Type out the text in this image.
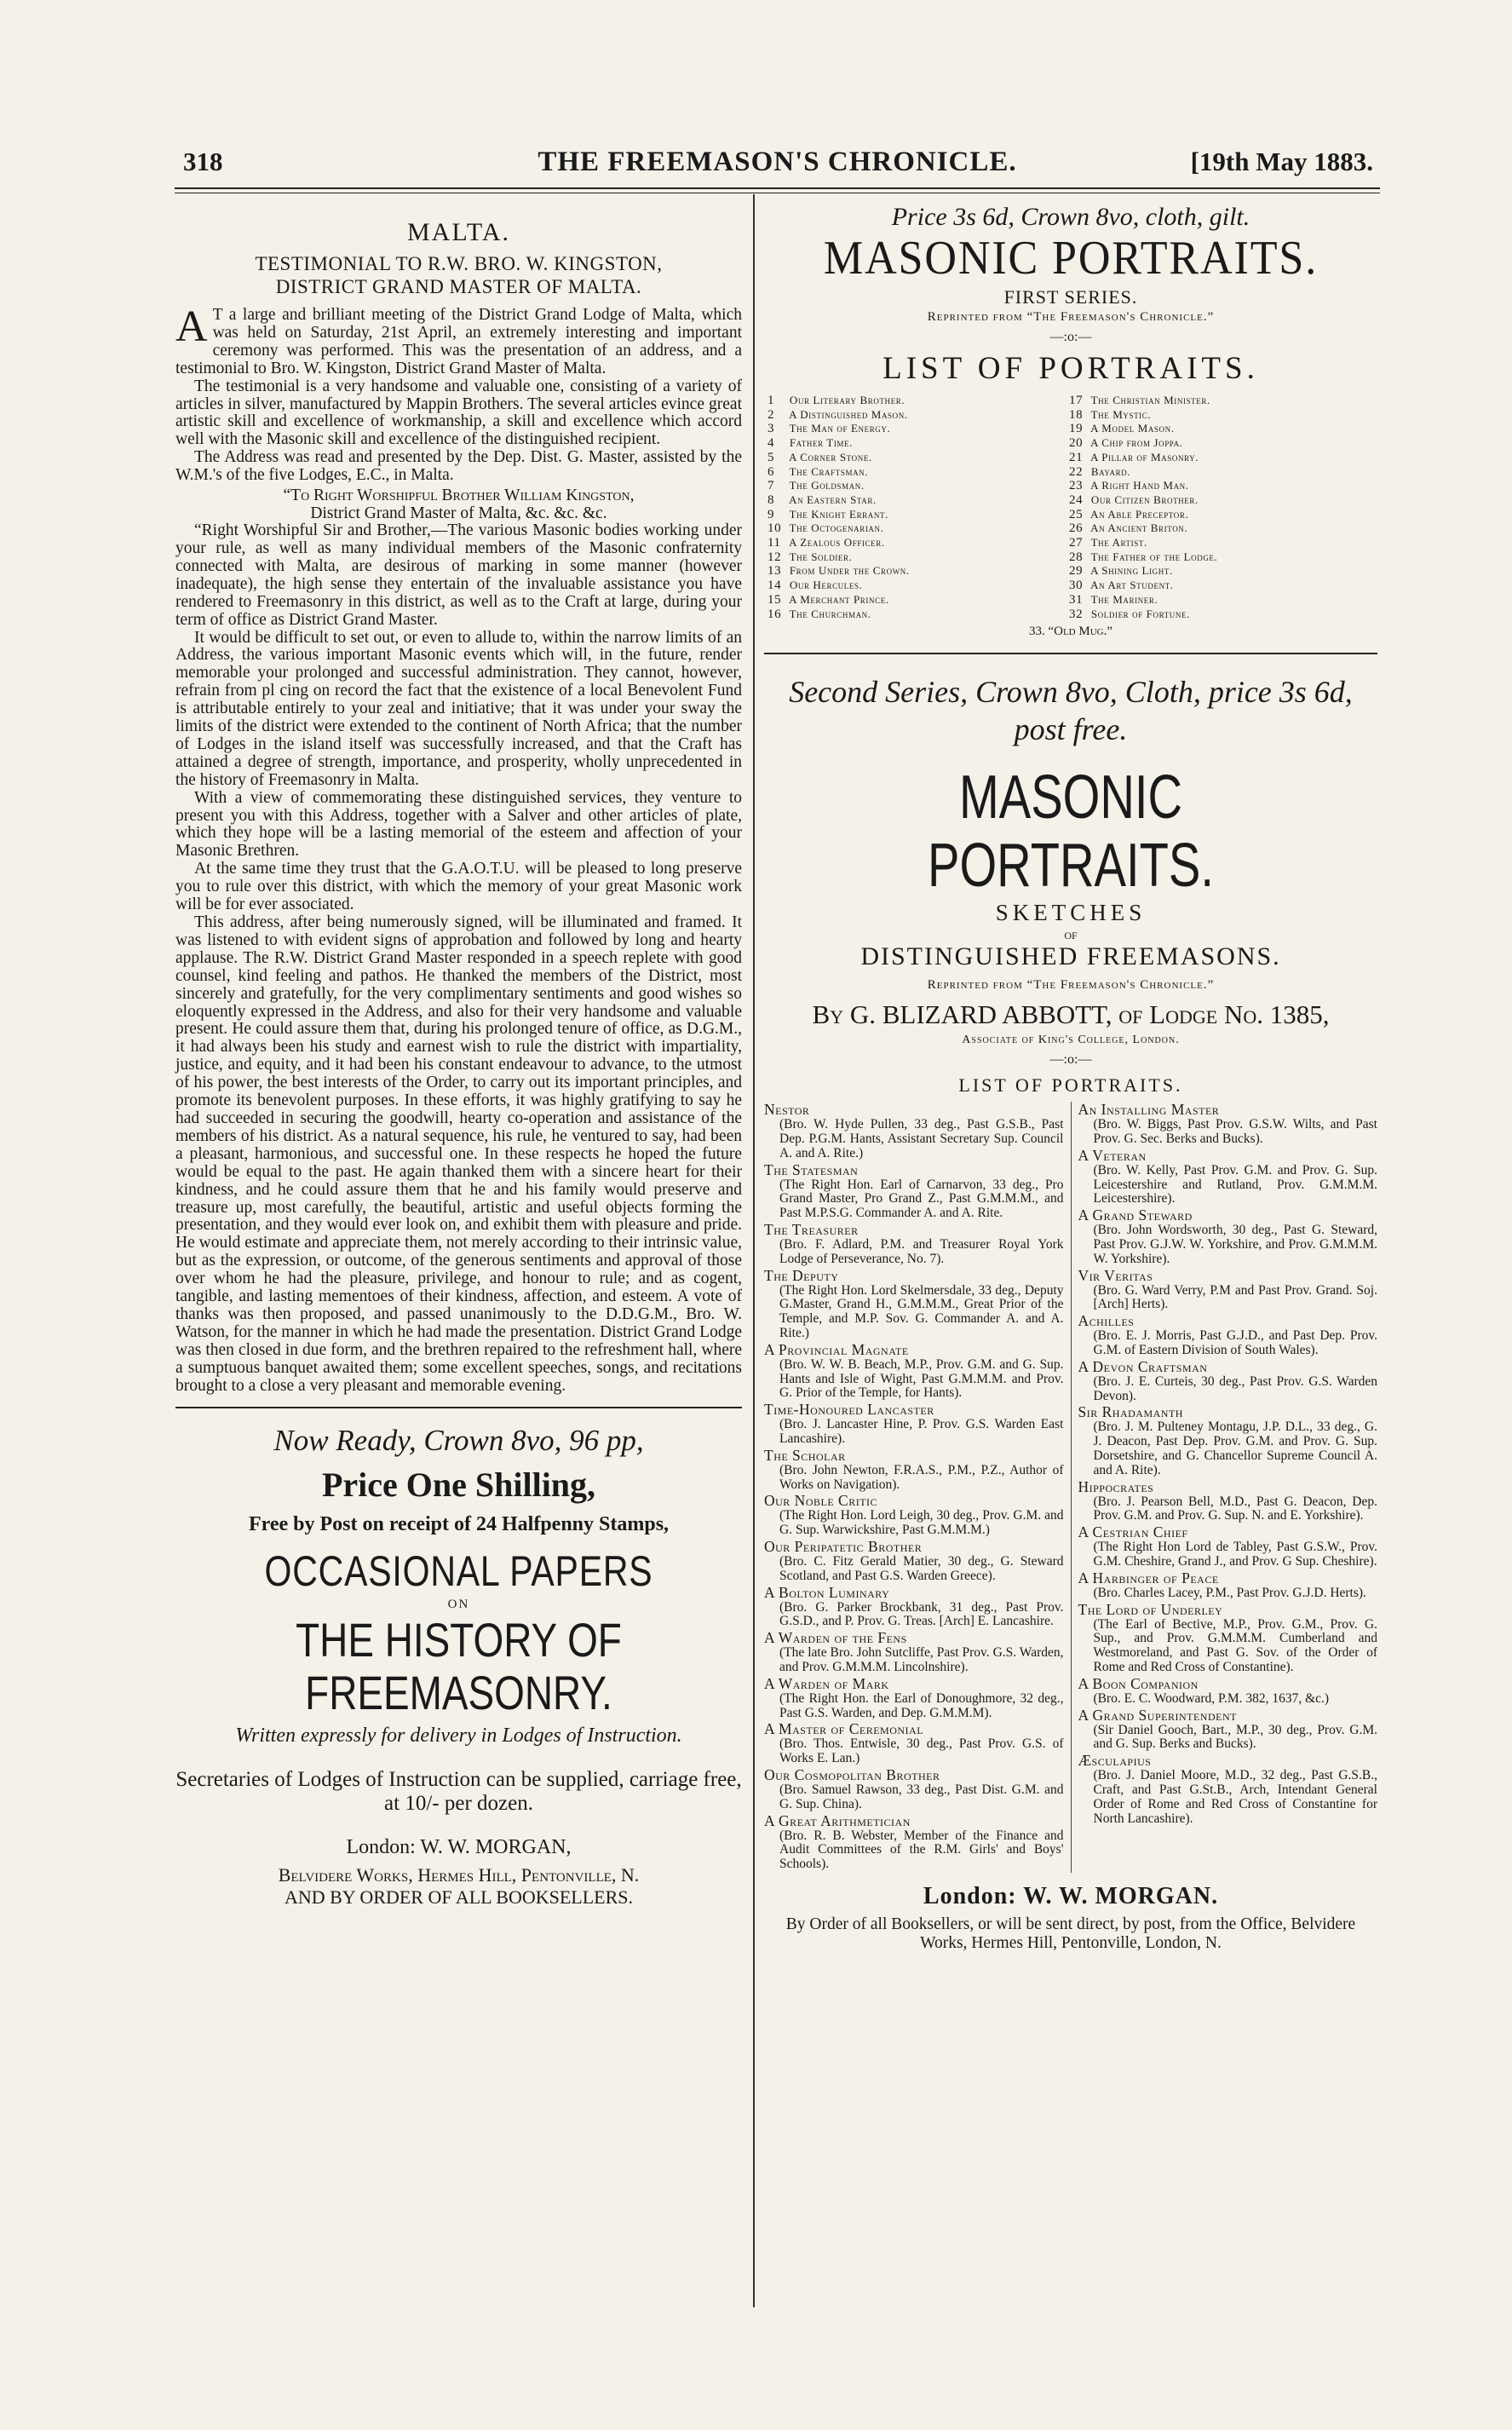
318	THE FREEMASON'S CHRONICLE.	[19th May 1883.
MALTA.
TESTIMONIAL TO R.W. BRO. W. KINGSTON,
DISTRICT GRAND MASTER OF MALTA.

A T a large and brilliant meeting of the District Grand Lodge of Malta, which was held on Saturday, 21st April, an extremely interesting and important ceremony was performed. This was the presentation of an address, and a testimonial to Bro. W. Kingston, District Grand Master of Malta.

The testimonial is a very handsome and valuable one, consisting of a variety of articles in silver, manufactured by Mappin Brothers. The several articles evince great artistic skill and excellence of workmanship, a skill and excellence which accord well with the Masonic skill and excellence of the distinguished recipient.

The Address was read and presented by the Dep. Dist. G. Master, assisted by the W.M.'s of the five Lodges, E.C., in Malta.

“To Right Worshipful Brother William Kingston,

District Grand Master of Malta, &c. &c. &c.

“Right Worshipful Sir and Brother,—The various Masonic bodies working under your rule, as well as many individual members of the Masonic confraternity connected with Malta, are desirous of marking in some manner (however inadequate), the high sense they entertain of the invaluable assistance you have rendered to Freemasonry in this district, as well as to the Craft at large, during your term of office as District Grand Master.

It would be difficult to set out, or even to allude to, within the narrow limits of an Address, the various important Masonic events which will, in the future, render memorable your prolonged and successful administration. They cannot, however, refrain from pl cing on record the fact that the existence of a local Benevolent Fund is attributable entirely to your zeal and initiative; that it was under your sway the limits of the district were extended to the continent of North Africa; that the number of Lodges in the island itself was successfully increased, and that the Craft has attained a degree of strength, importance, and prosperity, wholly unprecedented in the history of Freemasonry in Malta.

With a view of commemorating these distinguished services, they venture to present you with this Address, together with a Salver and other articles of plate, which they hope will be a lasting memorial of the esteem and affection of your Masonic Brethren.

At the same time they trust that the G.A.O.T.U. will be pleased to long preserve you to rule over this district, with which the memory of your great Masonic work will be for ever associated.

This address, after being numerously signed, will be illuminated and framed. It was listened to with evident signs of approbation and followed by long and hearty applause. The R.W. District Grand Master responded in a speech replete with good counsel, kind feeling and pathos. He thanked the members of the District, most sincerely and gratefully, for the very complimentary sentiments and good wishes so eloquently expressed in the Address, and also for their very handsome and valuable present. He could assure them that, during his prolonged tenure of office, as D.G.M., it had always been his study and earnest wish to rule the district with impartiality, justice, and equity, and it had been his constant endeavour to advance, to the utmost of his power, the best interests of the Order, to carry out its important principles, and promote its benevolent purposes. In these efforts, it was highly gratifying to say he had succeeded in securing the goodwill, hearty co-operation and assistance of the members of his district. As a natural sequence, his rule, he ventured to say, had been a pleasant, harmonious, and successful one. In these respects he hoped the future would be equal to the past. He again thanked them with a sincere heart for their kindness, and he could assure them that he and his family would preserve and treasure up, most carefully, the beautiful, artistic and useful objects forming the presentation, and they would ever look on, and exhibit them with pleasure and pride. He would estimate and appreciate them, not merely according to their intrinsic value, but as the expression, or outcome, of the generous sentiments and approval of those over whom he had the pleasure, privilege, and honour to rule; and as cogent, tangible, and lasting mementoes of their kindness, affection, and esteem. A vote of thanks was then proposed, and passed unanimously to the D.D.G.M., Bro. W. Watson, for the manner in which he had made the presentation. District Grand Lodge was then closed in due form, and the brethren repaired to the refreshment hall, where a sumptuous banquet awaited them; some excellent speeches, songs, and recitations brought to a close a very pleasant and memorable evening.

Now Ready, Crown 8vo, 96 pp,
Price One Shilling,
Free by Post on receipt of 24 Halfpenny Stamps,
OCCASIONAL PAPERS
ON
THE HISTORY OF FREEMASONRY.
Written expressly for delivery in Lodges of Instruction.
Secretaries of Lodges of Instruction can be supplied, carriage free, at 10/- per dozen.
London: W. W. MORGAN,
Belvidere Works, Hermes Hill, Pentonville, N.
AND BY ORDER OF ALL BOOKSELLERS.
Price 3s 6d, Crown 8vo, cloth, gilt.
MASONIC PORTRAITS.
FIRST SERIES.
Reprinted from “The Freemason's Chronicle.”
—:o:—
LIST OF PORTRAITS.
1 Our Literary Brother.
2 A Distinguished Mason.
3 The Man of Energy.
4 Father Time.
5 A Corner Stone.
6 The Craftsman.
7 The Goldsman.
8 An Eastern Star.
9 The Knight Errant.
10 The Octogenarian.
11 A Zealous Officer.
12 The Soldier.
13 From Under the Crown.
14 Our Hercules.
15 A Merchant Prince.
16 The Churchman.
17 The Christian Minister.
18 The Mystic.
19 A Model Mason.
20 A Chip from Joppa.
21 A Pillar of Masonry.
22 Bayard.
23 A Right Hand Man.
24 Our Citizen Brother.
25 An Able Preceptor.
26 An Ancient Briton.
27 The Artist.
28 The Father of the Lodge.
29 A Shining Light.
30 An Art Student.
31 The Mariner.
32 Soldier of Fortune.
33. “Old Mug.”
Second Series, Crown 8vo, Cloth, price 3s 6d,
post free.
MASONIC PORTRAITS.
SKETCHES
OF
DISTINGUISHED FREEMASONS.
Reprinted from “The Freemason's Chronicle.”
By G. BLIZARD ABBOTT, of Lodge No. 1385,
Associate of King's College, London.
—:o:—
LIST OF PORTRAITS.
Nestor
(Bro. W. Hyde Pullen, 33 deg., Past G.S.B., Past Dep. P.G.M. Hants, Assistant Secretary Sup. Council A. and A. Rite.)
The Statesman
(The Right Hon. Earl of Carnarvon, 33 deg., Pro Grand Master, Pro Grand Z., Past G.M.M.M., and Past M.P.S.G. Commander A. and A. Rite.
The Treasurer
(Bro. F. Adlard, P.M. and Treasurer Royal York Lodge of Perseverance, No. 7).
The Deputy
(The Right Hon. Lord Skelmersdale, 33 deg., Deputy G.Master, Grand H., G.M.M.M., Great Prior of the Temple, and M.P. Sov. G. Commander A. and A. Rite.)
A Provincial Magnate
(Bro. W. W. B. Beach, M.P., Prov. G.M. and G. Sup. Hants and Isle of Wight, Past G.M.M.M. and Prov. G. Prior of the Temple, for Hants).
Time-Honoured Lancaster
(Bro. J. Lancaster Hine, P. Prov. G.S. Warden East Lancashire).
The Scholar
(Bro. John Newton, F.R.A.S., P.M., P.Z., Author of Works on Navigation).
Our Noble Critic
(The Right Hon. Lord Leigh, 30 deg., Prov. G.M. and G. Sup. Warwickshire, Past G.M.M.M.)
Our Peripatetic Brother
(Bro. C. Fitz Gerald Matier, 30 deg., G. Steward Scotland, and Past G.S. Warden Greece).
A Bolton Luminary
(Bro. G. Parker Brockbank, 31 deg., Past Prov. G.S.D., and P. Prov. G. Treas. [Arch] E. Lancashire.
A Warden of the Fens
(The late Bro. John Sutcliffe, Past Prov. G.S. Warden, and Prov. G.M.M.M. Lincolnshire).
A Warden of Mark
(The Right Hon. the Earl of Donoughmore, 32 deg., Past G.S. Warden, and Dep. G.M.M.M).
A Master of Ceremonial
(Bro. Thos. Entwisle, 30 deg., Past Prov. G.S. of Works E. Lan.)
Our Cosmopolitan Brother
(Bro. Samuel Rawson, 33 deg., Past Dist. G.M. and G. Sup. China).
A Great Arithmetician
(Bro. R. B. Webster, Member of the Finance and Audit Committees of the R.M. Girls' and Boys' Schools).
An Installing Master
(Bro. W. Biggs, Past Prov. G.S.W. Wilts, and Past Prov. G. Sec. Berks and Bucks).
A Veteran
(Bro. W. Kelly, Past Prov. G.M. and Prov. G. Sup. Leicestershire and Rutland, Prov. G.M.M.M. Leicestershire).
A Grand Steward
(Bro. John Wordsworth, 30 deg., Past G. Steward, Past Prov. G.J.W. W. Yorkshire, and Prov. G.M.M.M. W. Yorkshire).
Vir Veritas
(Bro. G. Ward Verry, P.M and Past Prov. Grand. Soj. [Arch] Herts).
Achilles
(Bro. E. J. Morris, Past G.J.D., and Past Dep. Prov. G.M. of Eastern Division of South Wales).
A Devon Craftsman
(Bro. J. E. Curteis, 30 deg., Past Prov. G.S. Warden Devon).
Sir Rhadamanth
(Bro. J. M. Pulteney Montagu, J.P. D.L., 33 deg., G. J. Deacon, Past Dep. Prov. G.M. and Prov. G. Sup. Dorsetshire, and G. Chancellor Supreme Council A. and A. Rite).
Hippocrates
(Bro. J. Pearson Bell, M.D., Past G. Deacon, Dep. Prov. G.M. and Prov. G. Sup. N. and E. Yorkshire).
A Cestrian Chief
(The Right Hon Lord de Tabley, Past G.S.W., Prov. G.M. Cheshire, Grand J., and Prov. G Sup. Cheshire).
A Harbinger of Peace
(Bro. Charles Lacey, P.M., Past Prov. G.J.D. Herts).
The Lord of Underley
(The Earl of Bective, M.P., Prov. G.M., Prov. G. Sup., and Prov. G.M.M.M. Cumberland and Westmoreland, and Past G. Sov. of the Order of Rome and Red Cross of Constantine).
A Boon Companion
(Bro. E. C. Woodward, P.M. 382, 1637, &c.)
A Grand Superintendent
(Sir Daniel Gooch, Bart., M.P., 30 deg., Prov. G.M. and G. Sup. Berks and Bucks).
Æsculapius
(Bro. J. Daniel Moore, M.D., 32 deg., Past G.S.B., Craft, and Past G.St.B., Arch, Intendant General Order of Rome and Red Cross of Constantine for North Lancashire).
London: W. W. MORGAN.
By Order of all Booksellers, or will be sent direct, by post, from the Office, Belvidere Works, Hermes Hill, Pentonville, London, N.
